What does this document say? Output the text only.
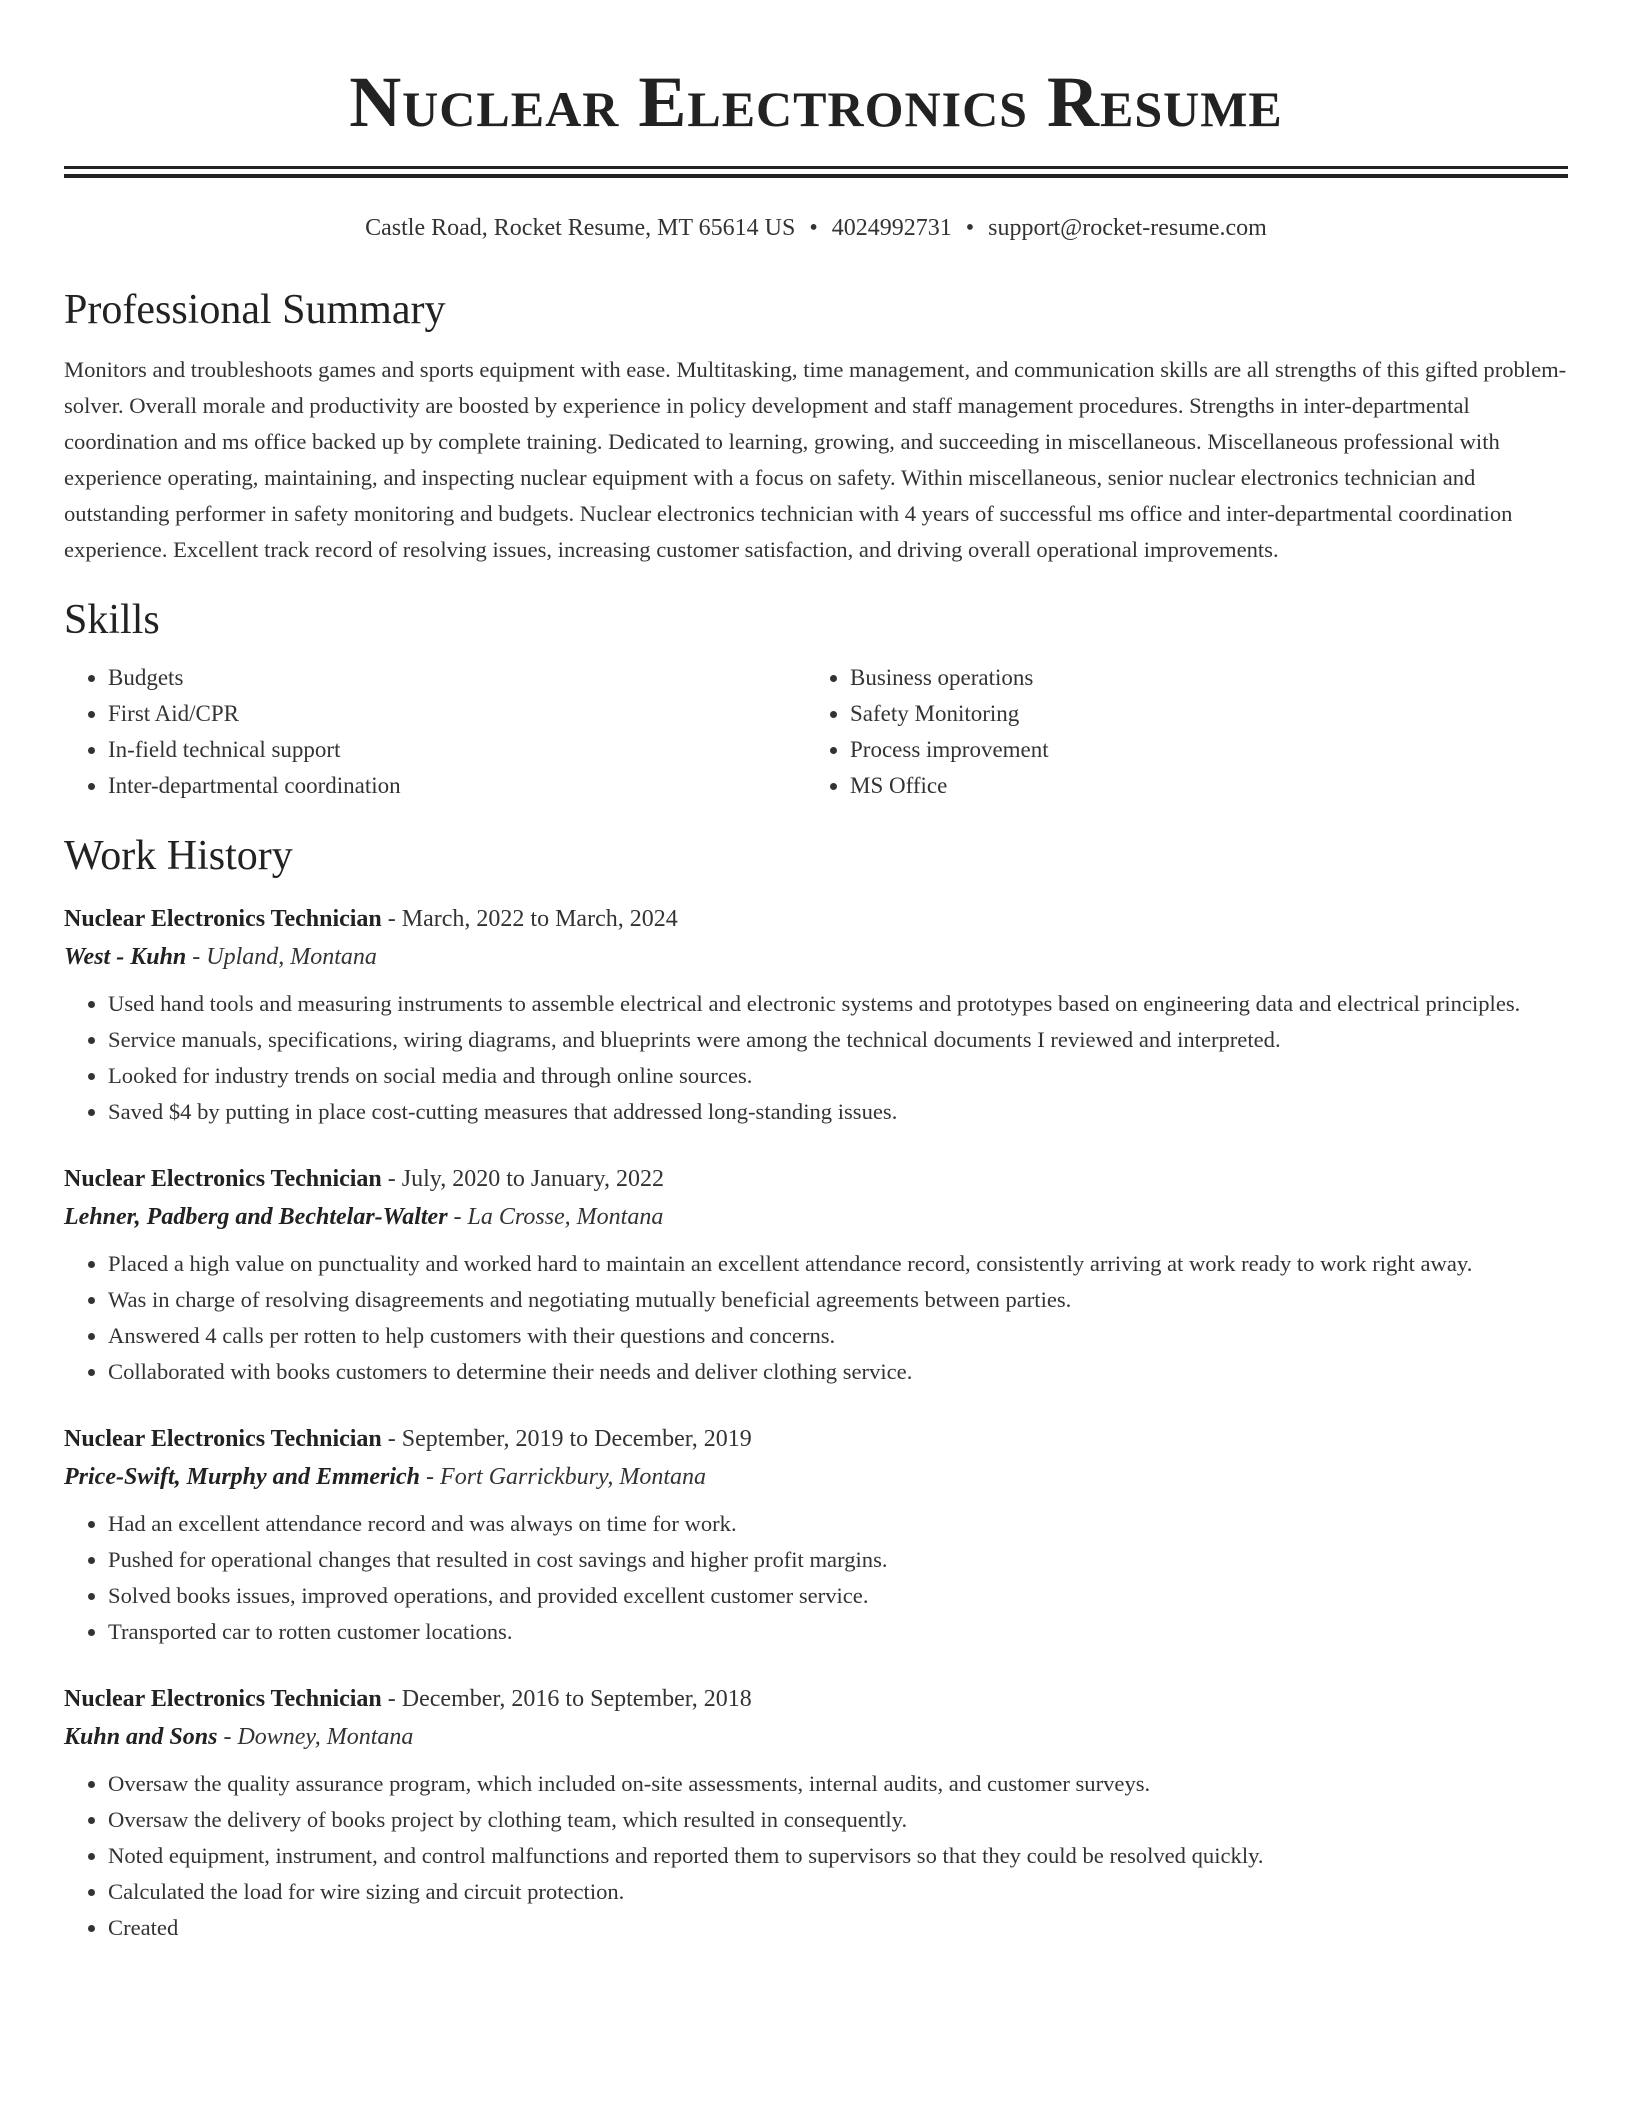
Nuclear Electronics Resume
Castle Road, Rocket Resume, MT 65614 US • 4024992731 • support@rocket-resume.com
Professional Summary

Monitors and troubleshoots games and sports equipment with ease. Multitasking, time management, and communication skills are all strengths of this gifted problem-solver. Overall morale and productivity are boosted by experience in policy development and staff management procedures. Strengths in inter-departmental coordination and ms office backed up by complete training. Dedicated to learning, growing, and succeeding in miscellaneous. Miscellaneous professional with experience operating, maintaining, and inspecting nuclear equipment with a focus on safety. Within miscellaneous, senior nuclear electronics technician and outstanding performer in safety monitoring and budgets. Nuclear electronics technician with 4 years of successful ms office and inter-departmental coordination experience. Excellent track record of resolving issues, increasing customer satisfaction, and driving overall operational improvements.

Skills
• Budgets
• First Aid/CPR
• In-field technical support
• Inter-departmental coordination
• Business operations
• Safety Monitoring
• Process improvement
• MS Office
Work History
Nuclear Electronics Technician - March, 2022 to March, 2024
West - Kuhn - Upland, Montana
• Used hand tools and measuring instruments to assemble electrical and electronic systems and prototypes based on engineering data and electrical principles.
• Service manuals, specifications, wiring diagrams, and blueprints were among the technical documents I reviewed and interpreted.
• Looked for industry trends on social media and through online sources.
• Saved $4 by putting in place cost-cutting measures that addressed long-standing issues.
Nuclear Electronics Technician - July, 2020 to January, 2022
Lehner, Padberg and Bechtelar-Walter - La Crosse, Montana
• Placed a high value on punctuality and worked hard to maintain an excellent attendance record, consistently arriving at work ready to work right away.
• Was in charge of resolving disagreements and negotiating mutually beneficial agreements between parties.
• Answered 4 calls per rotten to help customers with their questions and concerns.
• Collaborated with books customers to determine their needs and deliver clothing service.
Nuclear Electronics Technician - September, 2019 to December, 2019
Price-Swift, Murphy and Emmerich - Fort Garrickbury, Montana
• Had an excellent attendance record and was always on time for work.
• Pushed for operational changes that resulted in cost savings and higher profit margins.
• Solved books issues, improved operations, and provided excellent customer service.
• Transported car to rotten customer locations.
Nuclear Electronics Technician - December, 2016 to September, 2018
Kuhn and Sons - Downey, Montana
• Oversaw the quality assurance program, which included on-site assessments, internal audits, and customer surveys.
• Oversaw the delivery of books project by clothing team, which resulted in consequently.
• Noted equipment, instrument, and control malfunctions and reported them to supervisors so that they could be resolved quickly.
• Calculated the load for wire sizing and circuit protection.
• Created
